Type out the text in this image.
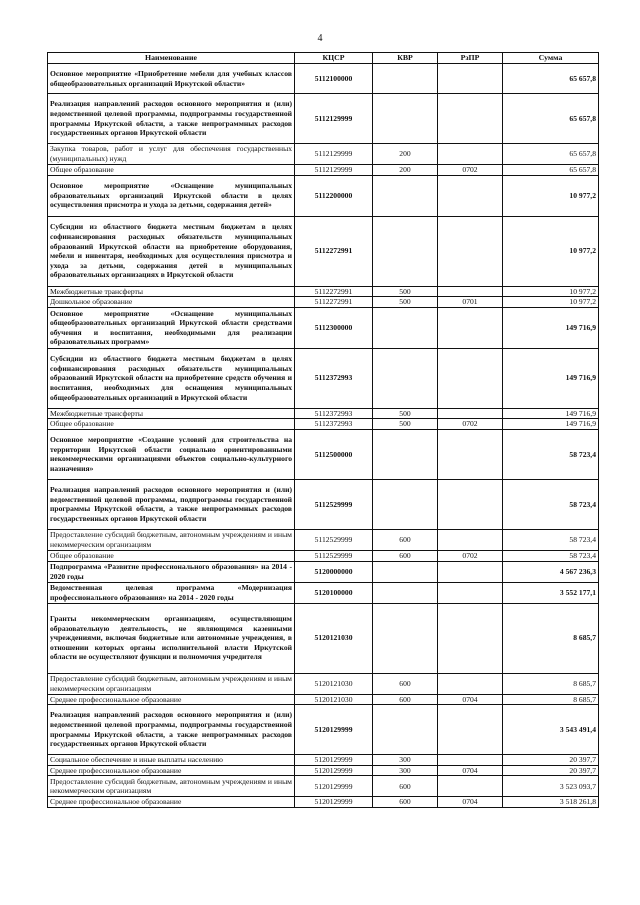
4
Наименование	КЦСР	КВР	РзПР	Сумма
Основное мероприятие «Приобретение мебели для учебных классов общеобразовательных организаций Иркутской области»	5112100000			65 657,8
Реализация направлений расходов основного мероприятия и (или) ведомственной целевой программы, подпрограммы государственной программы Иркутской области, а также непрограммных расходов государственных органов Иркутской области	5112129999			65 657,8
Закупка товаров, работ и услуг для обеспечения государственных (муниципальных) нужд	5112129999	200		65 657,8
Общее образование	5112129999	200	0702	65 657,8
Основное мероприятие «Оснащение муниципальных образовательных организаций Иркутской области в целях осуществления присмотра и ухода за детьми, содержания детей»	5112200000			10 977,2
Субсидии из областного бюджета местным бюджетам в целях софинансирования расходных обязательств муниципальных образований Иркутской области на приобретение оборудования, мебели и инвентаря, необходимых для осуществления присмотра и ухода за детьми, содержания детей в муниципальных образовательных организациях в Иркутской области	5112272991			10 977,2
Межбюджетные трансферты	5112272991	500		10 977,2
Дошкольное образование	5112272991	500	0701	10 977,2
Основное мероприятие «Оснащение муниципальных общеобразовательных организаций Иркутской области средствами обучения и воспитания, необходимыми для реализации образовательных программ»	5112300000			149 716,9
Субсидии из областного бюджета местным бюджетам в целях софинансирования расходных обязательств муниципальных образований Иркутской области на приобретение средств обучения и воспитания, необходимых для оснащения муниципальных общеобразовательных организаций в Иркутской области	5112372993			149 716,9
Межбюджетные трансферты	5112372993	500		149 716,9
Общее образование	5112372993	500	0702	149 716,9
Основное мероприятие «Создание условий для строительства на территории Иркутской области социально ориентированными некоммерческими организациями объектов социально-культурного назначения»	5112500000			58 723,4
Реализация направлений расходов основного мероприятия и (или) ведомственной целевой программы, подпрограммы государственной программы Иркутской области, а также непрограммных расходов государственных органов Иркутской области	5112529999			58 723,4
Предоставление субсидий бюджетным, автономным учреждениям и иным некоммерческим организациям	5112529999	600		58 723,4
Общее образование	5112529999	600	0702	58 723,4
Подпрограмма «Развитие профессионального образования» на 2014 - 2020 годы	5120000000			4 567 236,3
Ведомственная целевая программа «Модернизация профессионального образования» на 2014 - 2020 годы	5120100000			3 552 177,1
Гранты некоммерческим организациям, осуществляющим образовательную деятельность, не являющимся казенными учреждениями, включая бюджетные или автономные учреждения, в отношении которых органы исполнительной власти Иркутской области не осуществляют функции и полномочия учредителя	5120121030			8 685,7
Предоставление субсидий бюджетным, автономным учреждениям и иным некоммерческим организациям	5120121030	600		8 685,7
Среднее профессиональное образование	5120121030	600	0704	8 685,7
Реализация направлений расходов основного мероприятия и (или) ведомственной целевой программы, подпрограммы государственной программы Иркутской области, а также непрограммных расходов государственных органов Иркутской области	5120129999			3 543 491,4
Социальное обеспечение и иные выплаты населению	5120129999	300		20 397,7
Среднее профессиональное образование	5120129999	300	0704	20 397,7
Предоставление субсидий бюджетным, автономным учреждениям и иным некоммерческим организациям	5120129999	600		3 523 093,7
Среднее профессиональное образование	5120129999	600	0704	3 518 261,8
